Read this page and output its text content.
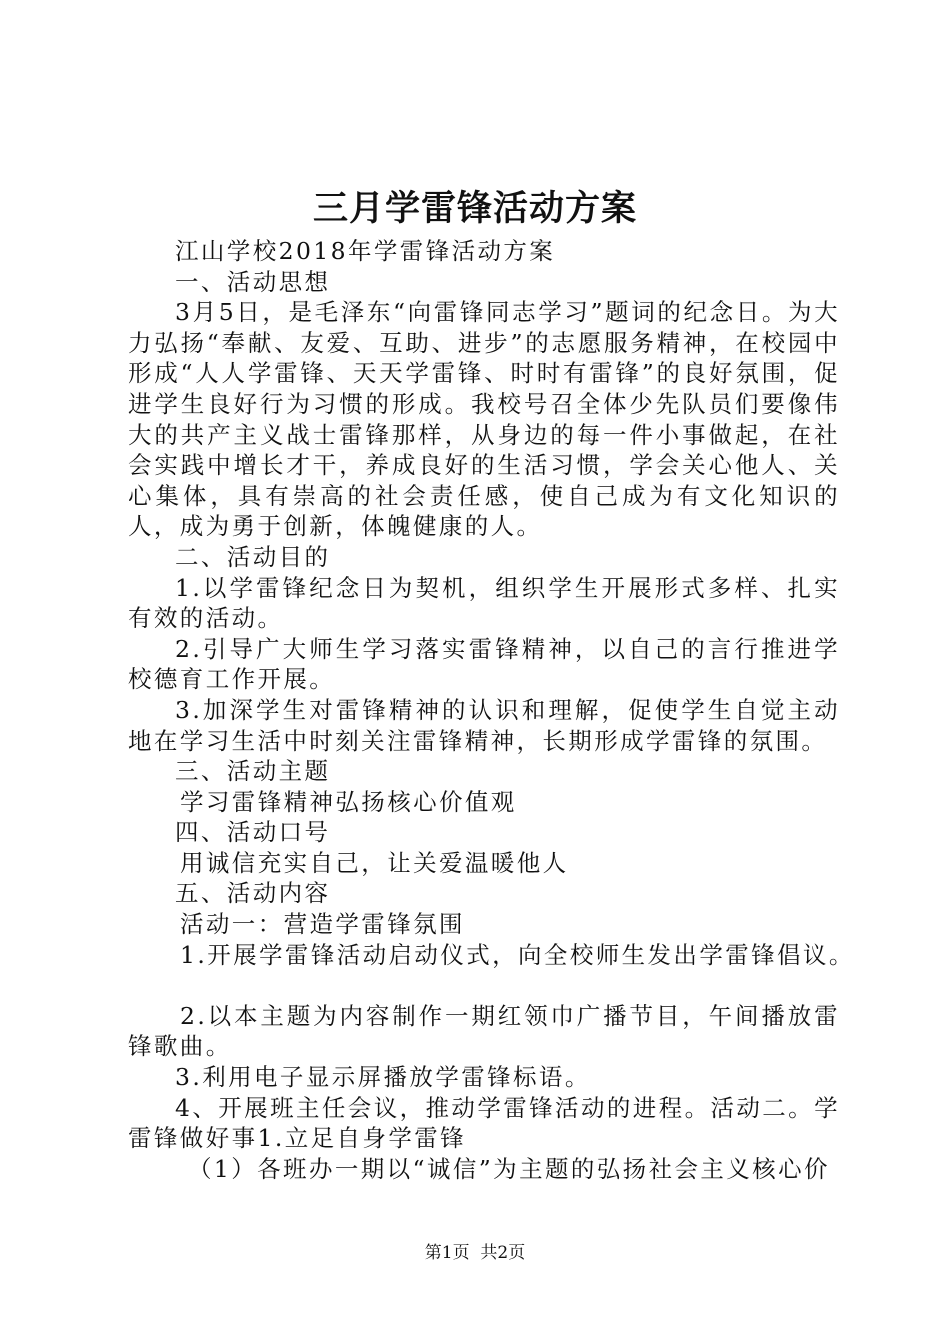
三月学雷锋活动方案

江山学校2018年学雷锋活动方案

一、活动思想

3月5日，是毛泽东“向雷锋同志学习”题词的纪念日。为大力弘扬“奉献、友爱、互助、进步”的志愿服务精神，在校园中形成“人人学雷锋、天天学雷锋、时时有雷锋”的良好氛围，促进学生良好行为习惯的形成。我校号召全体少先队员们要像伟大的共产主义战士雷锋那样，从身边的每一件小事做起，在社会实践中增长才干，养成良好的生活习惯，学会关心他人、关心集体，具有崇高的社会责任感，使自己成为有文化知识的人，成为勇于创新，体魄健康的人。

二、活动目的

1.以学雷锋纪念日为契机，组织学生开展形式多样、扎实有效的活动。

2.引导广大师生学习落实雷锋精神，以自己的言行推进学校德育工作开展。

3.加深学生对雷锋精神的认识和理解，促使学生自觉主动地在学习生活中时刻关注雷锋精神，长期形成学雷锋的氛围。

三、活动主题

学习雷锋精神弘扬核心价值观

四、活动口号

用诚信充实自己，让关爱温暖他人

五、活动内容

活动一：营造学雷锋氛围

1.开展学雷锋活动启动仪式，向全校师生发出学雷锋倡议。

2.以本主题为内容制作一期红领巾广播节目，午间播放雷锋歌曲。

3.利用电子显示屏播放学雷锋标语。

4、开展班主任会议，推动学雷锋活动的进程。活动二。学雷锋做好事1.立足自身学雷锋

（1）各班办一期以“诚信”为主题的弘扬社会主义核心价

第1页  共2页
